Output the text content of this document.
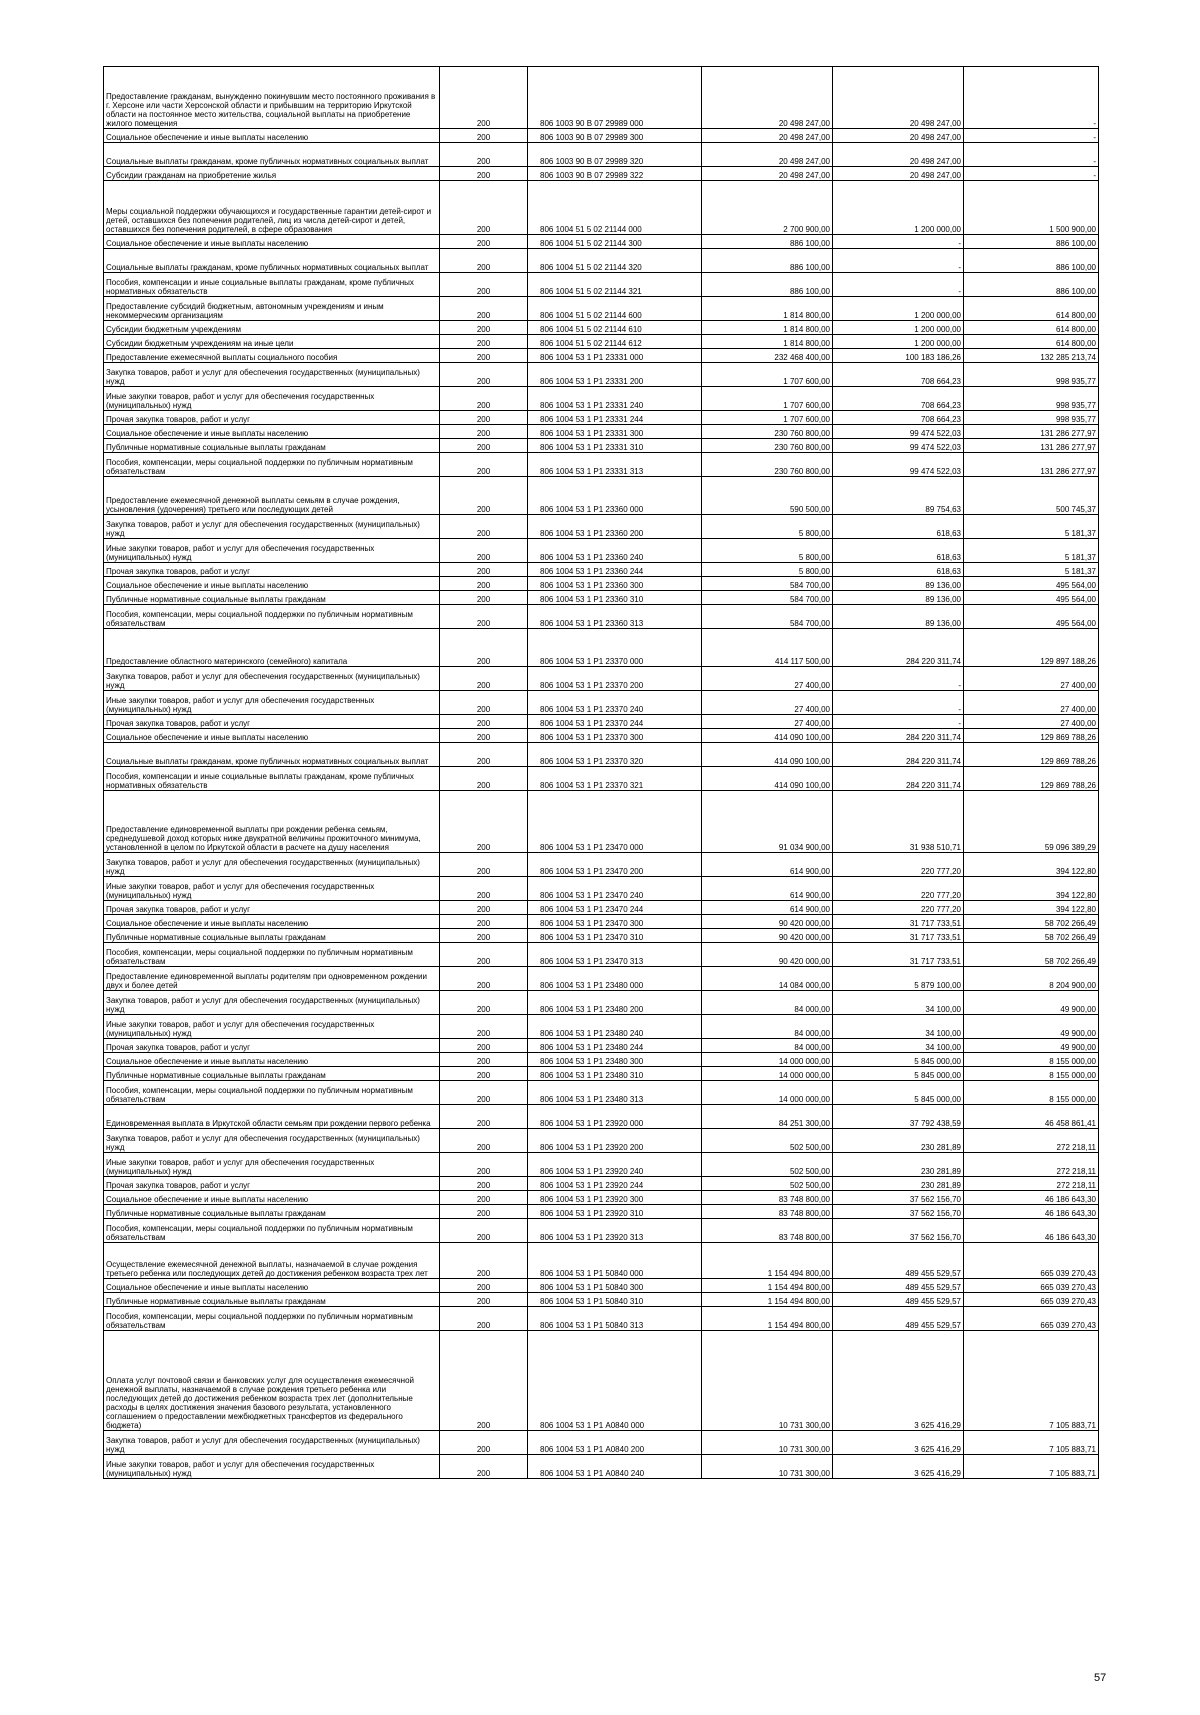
Предоставление гражданам, вынужденно покинувшим место постоянного проживания в г. Херсоне или части Херсонской области и прибывшим на территорию Иркутской области на постоянное место жительства, социальной выплаты на приобретение жилого помещения	200	806 1003 90 В 07 29989 000	20 498 247,00	20 498 247,00	-
Социальное обеспечение и иные выплаты населению	200	806 1003 90 В 07 29989 300	20 498 247,00	20 498 247,00	-
Социальные выплаты гражданам, кроме публичных нормативных социальных выплат	200	806 1003 90 В 07 29989 320	20 498 247,00	20 498 247,00	-
Субсидии гражданам на приобретение жилья	200	806 1003 90 В 07 29989 322	20 498 247,00	20 498 247,00	-
Меры социальной поддержки обучающихся и государственные гарантии детей-сирот и детей, оставшихся без попечения родителей, лиц из числа детей-сирот и детей, оставшихся без попечения родителей, в сфере образования	200	806 1004 51 5 02 21144 000	2 700 900,00	1 200 000,00	1 500 900,00
Социальное обеспечение и иные выплаты населению	200	806 1004 51 5 02 21144 300	886 100,00	-	886 100,00
Социальные выплаты гражданам, кроме публичных нормативных социальных выплат	200	806 1004 51 5 02 21144 320	886 100,00	-	886 100,00
Пособия, компенсации и иные социальные выплаты гражданам, кроме публичных нормативных обязательств	200	806 1004 51 5 02 21144 321	886 100,00	-	886 100,00
Предоставление субсидий бюджетным, автономным учреждениям и иным некоммерческим организациям	200	806 1004 51 5 02 21144 600	1 814 800,00	1 200 000,00	614 800,00
Субсидии бюджетным учреждениям	200	806 1004 51 5 02 21144 610	1 814 800,00	1 200 000,00	614 800,00
Субсидии бюджетным учреждениям на иные цели	200	806 1004 51 5 02 21144 612	1 814 800,00	1 200 000,00	614 800,00
Предоставление ежемесячной выплаты социального пособия	200	806 1004 53 1 Р1 23331 000	232 468 400,00	100 183 186,26	132 285 213,74
Закупка товаров, работ и услуг для обеспечения государственных (муниципальных) нужд	200	806 1004 53 1 Р1 23331 200	1 707 600,00	708 664,23	998 935,77
Иные закупки товаров, работ и услуг для обеспечения государственных (муниципальных) нужд	200	806 1004 53 1 Р1 23331 240	1 707 600,00	708 664,23	998 935,77
Прочая закупка товаров, работ и услуг	200	806 1004 53 1 Р1 23331 244	1 707 600,00	708 664,23	998 935,77
Социальное обеспечение и иные выплаты населению	200	806 1004 53 1 Р1 23331 300	230 760 800,00	99 474 522,03	131 286 277,97
Публичные нормативные социальные выплаты гражданам	200	806 1004 53 1 Р1 23331 310	230 760 800,00	99 474 522,03	131 286 277,97
Пособия, компенсации, меры социальной поддержки по публичным нормативным обязательствам	200	806 1004 53 1 Р1 23331 313	230 760 800,00	99 474 522,03	131 286 277,97
Предоставление ежемесячной денежной выплаты семьям в случае рождения, усыновления (удочерения) третьего или последующих детей	200	806 1004 53 1 Р1 23360 000	590 500,00	89 754,63	500 745,37
Закупка товаров, работ и услуг для обеспечения государственных (муниципальных) нужд	200	806 1004 53 1 Р1 23360 200	5 800,00	618,63	5 181,37
Иные закупки товаров, работ и услуг для обеспечения государственных (муниципальных) нужд	200	806 1004 53 1 Р1 23360 240	5 800,00	618,63	5 181,37
Прочая закупка товаров, работ и услуг	200	806 1004 53 1 Р1 23360 244	5 800,00	618,63	5 181,37
Социальное обеспечение и иные выплаты населению	200	806 1004 53 1 Р1 23360 300	584 700,00	89 136,00	495 564,00
Публичные нормативные социальные выплаты гражданам	200	806 1004 53 1 Р1 23360 310	584 700,00	89 136,00	495 564,00
Пособия, компенсации, меры социальной поддержки по публичным нормативным обязательствам	200	806 1004 53 1 Р1 23360 313	584 700,00	89 136,00	495 564,00
Предоставление областного материнского (семейного) капитала	200	806 1004 53 1 Р1 23370 000	414 117 500,00	284 220 311,74	129 897 188,26
Закупка товаров, работ и услуг для обеспечения государственных (муниципальных) нужд	200	806 1004 53 1 Р1 23370 200	27 400,00	-	27 400,00
Иные закупки товаров, работ и услуг для обеспечения государственных (муниципальных) нужд	200	806 1004 53 1 Р1 23370 240	27 400,00	-	27 400,00
Прочая закупка товаров, работ и услуг	200	806 1004 53 1 Р1 23370 244	27 400,00	-	27 400,00
Социальное обеспечение и иные выплаты населению	200	806 1004 53 1 Р1 23370 300	414 090 100,00	284 220 311,74	129 869 788,26
Социальные выплаты гражданам, кроме публичных нормативных социальных выплат	200	806 1004 53 1 Р1 23370 320	414 090 100,00	284 220 311,74	129 869 788,26
Пособия, компенсации и иные социальные выплаты гражданам, кроме публичных нормативных обязательств	200	806 1004 53 1 Р1 23370 321	414 090 100,00	284 220 311,74	129 869 788,26
Предоставление единовременной выплаты при рождении ребенка семьям, среднедушевой доход которых ниже двукратной величины прожиточного минимума, установленной в целом по Иркутской области в расчете на душу населения	200	806 1004 53 1 Р1 23470 000	91 034 900,00	31 938 510,71	59 096 389,29
Закупка товаров, работ и услуг для обеспечения государственных (муниципальных) нужд	200	806 1004 53 1 Р1 23470 200	614 900,00	220 777,20	394 122,80
Иные закупки товаров, работ и услуг для обеспечения государственных (муниципальных) нужд	200	806 1004 53 1 Р1 23470 240	614 900,00	220 777,20	394 122,80
Прочая закупка товаров, работ и услуг	200	806 1004 53 1 Р1 23470 244	614 900,00	220 777,20	394 122,80
Социальное обеспечение и иные выплаты населению	200	806 1004 53 1 Р1 23470 300	90 420 000,00	31 717 733,51	58 702 266,49
Публичные нормативные социальные выплаты гражданам	200	806 1004 53 1 Р1 23470 310	90 420 000,00	31 717 733,51	58 702 266,49
Пособия, компенсации, меры социальной поддержки по публичным нормативным обязательствам	200	806 1004 53 1 Р1 23470 313	90 420 000,00	31 717 733,51	58 702 266,49
Предоставление единовременной выплаты родителям при одновременном рождении двух и более детей	200	806 1004 53 1 Р1 23480 000	14 084 000,00	5 879 100,00	8 204 900,00
Закупка товаров, работ и услуг для обеспечения государственных (муниципальных) нужд	200	806 1004 53 1 Р1 23480 200	84 000,00	34 100,00	49 900,00
Иные закупки товаров, работ и услуг для обеспечения государственных (муниципальных) нужд	200	806 1004 53 1 Р1 23480 240	84 000,00	34 100,00	49 900,00
Прочая закупка товаров, работ и услуг	200	806 1004 53 1 Р1 23480 244	84 000,00	34 100,00	49 900,00
Социальное обеспечение и иные выплаты населению	200	806 1004 53 1 Р1 23480 300	14 000 000,00	5 845 000,00	8 155 000,00
Публичные нормативные социальные выплаты гражданам	200	806 1004 53 1 Р1 23480 310	14 000 000,00	5 845 000,00	8 155 000,00
Пособия, компенсации, меры социальной поддержки по публичным нормативным обязательствам	200	806 1004 53 1 Р1 23480 313	14 000 000,00	5 845 000,00	8 155 000,00
Единовременная выплата в Иркутской области семьям при рождении первого ребенка	200	806 1004 53 1 Р1 23920 000	84 251 300,00	37 792 438,59	46 458 861,41
Закупка товаров, работ и услуг для обеспечения государственных (муниципальных) нужд	200	806 1004 53 1 Р1 23920 200	502 500,00	230 281,89	272 218,11
Иные закупки товаров, работ и услуг для обеспечения государственных (муниципальных) нужд	200	806 1004 53 1 Р1 23920 240	502 500,00	230 281,89	272 218,11
Прочая закупка товаров, работ и услуг	200	806 1004 53 1 Р1 23920 244	502 500,00	230 281,89	272 218,11
Социальное обеспечение и иные выплаты населению	200	806 1004 53 1 Р1 23920 300	83 748 800,00	37 562 156,70	46 186 643,30
Публичные нормативные социальные выплаты гражданам	200	806 1004 53 1 Р1 23920 310	83 748 800,00	37 562 156,70	46 186 643,30
Пособия, компенсации, меры социальной поддержки по публичным нормативным обязательствам	200	806 1004 53 1 Р1 23920 313	83 748 800,00	37 562 156,70	46 186 643,30
Осуществление ежемесячной денежной выплаты, назначаемой в случае рождения третьего ребенка или последующих детей до достижения ребенком возраста трех лет	200	806 1004 53 1 Р1 50840 000	1 154 494 800,00	489 455 529,57	665 039 270,43
Социальное обеспечение и иные выплаты населению	200	806 1004 53 1 Р1 50840 300	1 154 494 800,00	489 455 529,57	665 039 270,43
Публичные нормативные социальные выплаты гражданам	200	806 1004 53 1 Р1 50840 310	1 154 494 800,00	489 455 529,57	665 039 270,43
Пособия, компенсации, меры социальной поддержки по публичным нормативным обязательствам	200	806 1004 53 1 Р1 50840 313	1 154 494 800,00	489 455 529,57	665 039 270,43
Оплата услуг почтовой связи и банковских услуг для осуществления ежемесячной денежной выплаты, назначаемой в случае рождения третьего ребенка или последующих детей до достижения ребенком возраста трех лет (дополнительные расходы в целях достижения значения базового результата, установленного соглашением о предоставлении межбюджетных трансфертов из федерального бюджета)	200	806 1004 53 1 Р1 А0840 000	10 731 300,00	3 625 416,29	7 105 883,71
Закупка товаров, работ и услуг для обеспечения государственных (муниципальных) нужд	200	806 1004 53 1 Р1 А0840 200	10 731 300,00	3 625 416,29	7 105 883,71
Иные закупки товаров, работ и услуг для обеспечения государственных (муниципальных) нужд	200	806 1004 53 1 Р1 А0840 240	10 731 300,00	3 625 416,29	7 105 883,71
57
